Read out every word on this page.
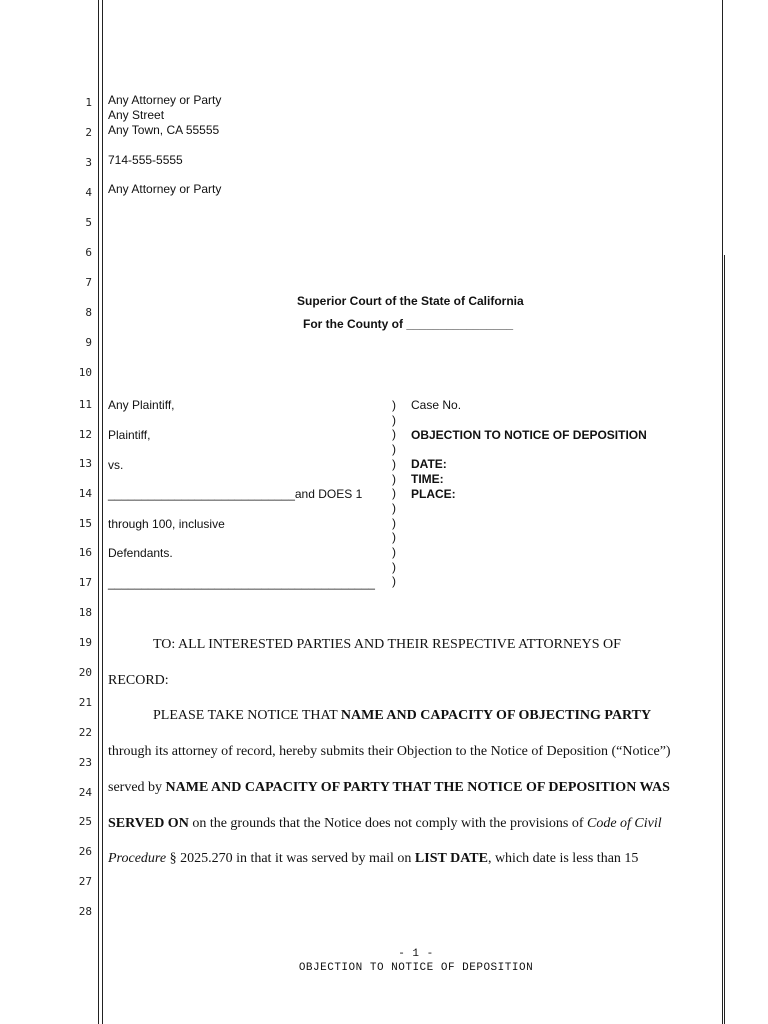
1
2
3
4
5
6
7
8
9
10
11
12
13
14
15
16
17
18
19
20
21
22
23
24
25
26
27
28
Any Attorney or Party
Any Street
Any Town, CA 55555
714-555-5555
Any Attorney or Party
Superior Court of the State of California
For the County of ________________
Any Plaintiff,
Plaintiff,
vs.
____________________________and DOES 1
through 100, inclusive
Defendants.
________________________________________
)
)
)
)
)
)
)
)
)
)
)
)
)
Case No.
OBJECTION TO NOTICE OF DEPOSITION
DATE:
TIME:
PLACE:
TO: ALL INTERESTED PARTIES AND THEIR RESPECTIVE ATTORNEYS OF
RECORD:
PLEASE TAKE NOTICE THAT NAME AND CAPACITY OF OBJECTING PARTY
through its attorney of record, hereby submits their Objection to the Notice of Deposition (“Notice”)
served by NAME AND CAPACITY OF PARTY THAT THE NOTICE OF DEPOSITION WAS
SERVED ON on the grounds that the Notice does not comply with the provisions of Code of Civil
Procedure § 2025.270 in that it was served by mail on LIST DATE, which date is less than 15
- 1 -
OBJECTION TO NOTICE OF DEPOSITION
